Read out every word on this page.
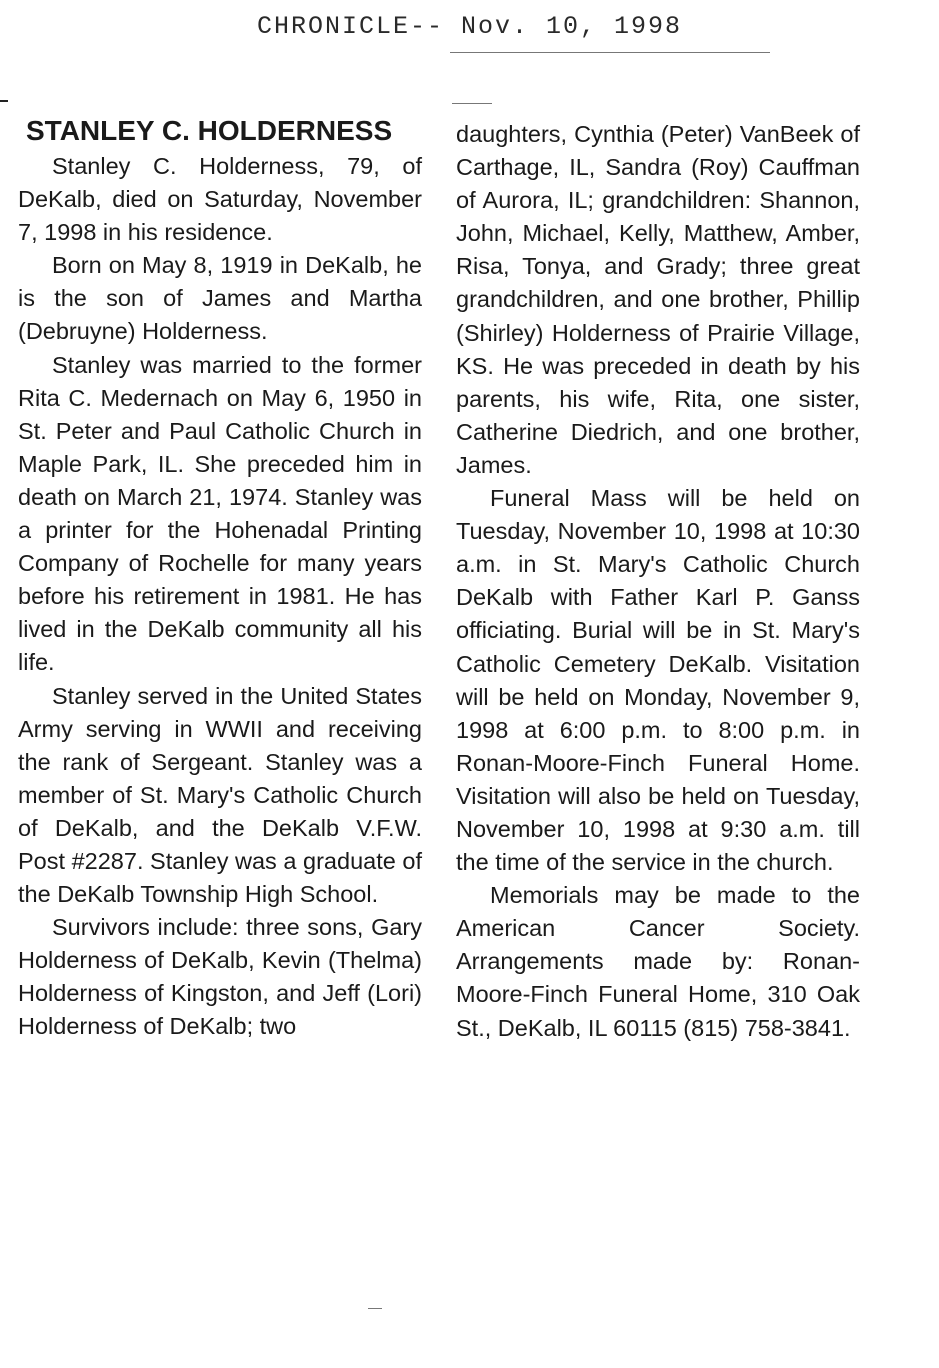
CHRONICLE-- Nov. 10, 1998
STANLEY C. HOLDERNESS

Stanley C. Holderness, 79, of DeKalb, died on Saturday, November 7, 1998 in his residence.

Born on May 8, 1919 in DeKalb, he is the son of James and Martha (Debruyne) Holderness.

Stanley was married to the former Rita C. Medernach on May 6, 1950 in St. Peter and Paul Catholic Church in Maple Park, IL. She preceded him in death on March 21, 1974. Stanley was a printer for the Hohenadal Printing Company of Rochelle for many years before his retirement in 1981. He has lived in the DeKalb community all his life.

Stanley served in the United States Army serving in WWII and receiving the rank of Sergeant. Stanley was a member of St. Mary's Catholic Church of DeKalb, and the DeKalb V.F.W. Post #2287. Stanley was a graduate of the DeKalb Township High School.

Survivors include: three sons, Gary Holderness of DeKalb, Kevin (Thelma) Holderness of Kingston, and Jeff (Lori) Holderness of DeKalb; two

daughters, Cynthia (Peter) VanBeek of Carthage, IL, Sandra (Roy) Cauffman of Aurora, IL; grandchildren: Shannon, John, Michael, Kelly, Matthew, Amber, Risa, Tonya, and Grady; three great grandchildren, and one brother, Phillip (Shirley) Holderness of Prairie Village, KS. He was preceded in death by his parents, his wife, Rita, one sister, Catherine Diedrich, and one brother, James.

Funeral Mass will be held on Tuesday, November 10, 1998 at 10:30 a.m. in St. Mary's Catholic Church DeKalb with Father Karl P. Ganss officiating. Burial will be in St. Mary's Catholic Cemetery DeKalb. Visitation will be held on Monday, November 9, 1998 at 6:00 p.m. to 8:00 p.m. in Ronan-Moore-Finch Funeral Home. Visitation will also be held on Tuesday, November 10, 1998 at 9:30 a.m. till the time of the service in the church.

Memorials may be made to the American Cancer Society. Arrangements made by: Ronan-Moore-Finch Funeral Home, 310 Oak St., DeKalb, IL 60115 (815) 758-3841.
